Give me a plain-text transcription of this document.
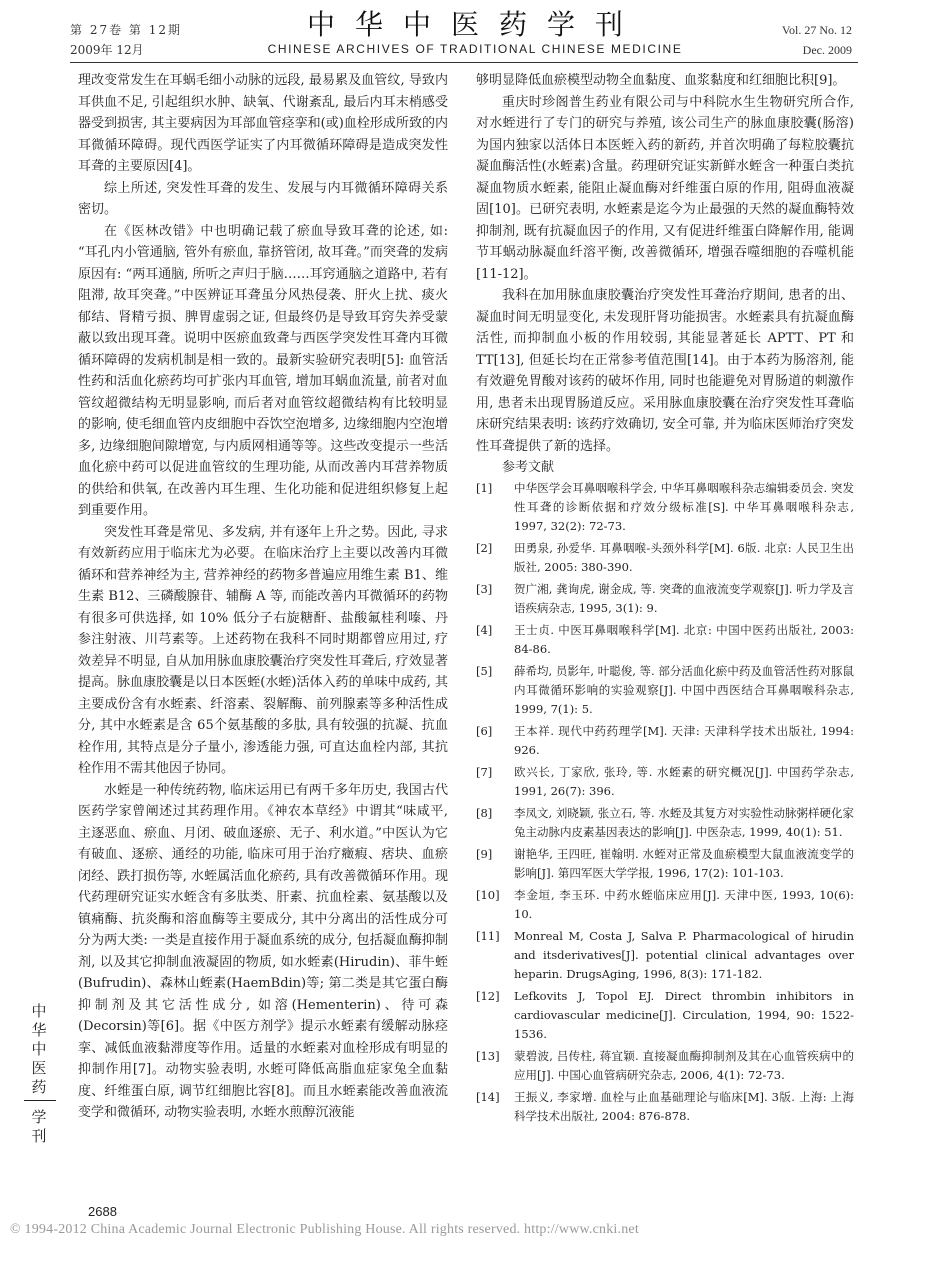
第 27卷 第 12期
2009年 12月
中华中医药学刊
CHINESE ARCHIVES OF TRADITIONAL CHINESE MEDICINE
Vol. 27 No. 12
Dec. 2009

理改变常发生在耳蜗毛细小动脉的远段, 最易累及血管纹, 导致内耳供血不足, 引起组织水肿、缺氧、代谢紊乱, 最后内耳末梢感受器受到损害, 其主要病因为耳部血管痉挛和(或)血栓形成所致的内耳微循环障碍。现代西医学证实了内耳微循环障碍是造成突发性耳聋的主要原因[4]。

综上所述, 突发性耳聋的发生、发展与内耳微循环障碍关系密切。

在《医林改错》中也明确记载了瘀血导致耳聋的论述, 如: “耳孔内小管通脑, 管外有瘀血, 靠挤管闭, 故耳聋。”而突聋的发病原因有: “两耳通脑, 所听之声归于脑……耳窍通脑之道路中, 若有阻滞, 故耳突聋。”中医辨证耳聋虽分风热侵袭、肝火上扰、痰火郁结、肾精亏损、脾胃虚弱之证, 但最终仍是导致耳窍失养受蒙蔽以致出现耳聋。说明中医瘀血致聋与西医学突发性耳聋内耳微循环障碍的发病机制是相一致的。最新实验研究表明[5]: 血管活性药和活血化瘀药均可扩张内耳血管, 增加耳蜗血流量, 前者对血管纹超微结构无明显影响, 而后者对血管纹超微结构有比较明显的影响, 使毛细血管内皮细胞中吞饮空泡增多, 边缘细胞内空泡增多, 边缘细胞间隙增宽, 与内质网相通等等。这些改变提示一些活血化瘀中药可以促进血管纹的生理功能, 从而改善内耳营养物质的供给和供氧, 在改善内耳生理、生化功能和促进组织修复上起到重要作用。

突发性耳聋是常见、多发病, 并有逐年上升之势。因此, 寻求有效新药应用于临床尤为必要。在临床治疗上主要以改善内耳微循环和营养神经为主, 营养神经的药物多普遍应用维生素 B1、维生素 B12、三磷酸腺苷、辅酶 A 等, 而能改善内耳微循环的药物有很多可供选择, 如 10% 低分子右旋糖酐、盐酸氟桂利嗪、丹参注射液、川芎素等。上述药物在我科不同时期都曾应用过, 疗效差异不明显, 自从加用脉血康胶囊治疗突发性耳聋后, 疗效显著提高。脉血康胶囊是以日本医蛭(水蛭)活体入药的单味中成药, 其主要成份含有水蛭素、纤溶素、裂解酶、前列腺素等多种活性成分, 其中水蛭素是含 65个氨基酸的多肽, 具有较强的抗凝、抗血栓作用, 其特点是分子量小, 渗透能力强, 可直达血栓内部, 其抗栓作用不需其他因子协同。

水蛭是一种传统药物, 临床运用已有两千多年历史, 我国古代医药学家曾阐述过其药理作用。《神农本草经》中谓其“味咸平, 主逐恶血、瘀血、月闭、破血逐瘀、无子、利水道。”中医认为它有破血、逐瘀、通经的功能, 临床可用于治疗癥瘕、痞块、血瘀闭经、跌打损伤等, 水蛭属活血化瘀药, 具有改善微循环作用。现代药理研究证实水蛭含有多肽类、肝素、抗血栓素、氨基酸以及镇痛酶、抗炎酶和溶血酶等主要成分, 其中分离出的活性成分可分为两大类: 一类是直接作用于凝血系统的成分, 包括凝血酶抑制剂, 以及其它抑制血液凝固的物质, 如水蛭素(Hirudin)、菲牛蛭(Bufrudin)、森林山蛭素(HaemBdin)等; 第二类是其它蛋白酶抑制剂及其它活性成分, 如溶(Hementerin)、待可森(Decorsin)等[6]。据《中医方剂学》提示水蛭素有缓解动脉痉挛、减低血液黏滞度等作用。适量的水蛭素对血栓形成有明显的抑制作用[7]。动物实验表明, 水蛭可降低高脂血症家兔全血黏度、纤维蛋白原, 调节红细胞比容[8]。而且水蛭素能改善血液流变学和微循环, 动物实验表明, 水蛭水煎醇沉液能

够明显降低血瘀模型动物全血黏度、血浆黏度和红细胞比积[9]。

重庆时珍阁普生药业有限公司与中科院水生生物研究所合作, 对水蛭进行了专门的研究与养殖, 该公司生产的脉血康胶囊(肠溶)为国内独家以活体日本医蛭入药的新药, 并首次明确了每粒胶囊抗凝血酶活性(水蛭素)含量。药理研究证实新鲜水蛭含一种蛋白类抗凝血物质水蛭素, 能阻止凝血酶对纤维蛋白原的作用, 阻碍血液凝固[10]。已研究表明, 水蛭素是迄今为止最强的天然的凝血酶特效抑制剂, 既有抗凝血因子的作用, 又有促进纤维蛋白降解作用, 能调节耳蜗动脉凝血纤溶平衡, 改善微循环, 增强吞噬细胞的吞噬机能[11-12]。

我科在加用脉血康胶囊治疗突发性耳聋治疗期间, 患者的出、凝血时间无明显变化, 未发现肝肾功能损害。水蛭素具有抗凝血酶活性, 而抑制血小板的作用较弱, 其能显著延长 APTT、PT 和 TT[13], 但延长均在正常参考值范围[14]。由于本药为肠溶剂, 能有效避免胃酸对该药的破坏作用, 同时也能避免对胃肠道的刺激作用, 患者未出现胃肠道反应。采用脉血康胶囊在治疗突发性耳聋临床研究结果表明: 该药疗效确切, 安全可靠, 并为临床医师治疗突发性耳聋提供了新的选择。

参考文献

[1]	中华医学会耳鼻咽喉科学会, 中华耳鼻咽喉科杂志编辑委员会. 突发性耳聋的诊断依据和疗效分级标准[S]. 中华耳鼻咽喉科杂志, 1997, 32(2): 72-73.
[2]	田勇泉, 孙爱华. 耳鼻咽喉-头颈外科学[M]. 6版. 北京: 人民卫生出版社, 2005: 380-390.
[3]	贺广湘, 龚询虎, 谢金成, 等. 突聋的血液流变学观察[J]. 听力学及言语疾病杂志, 1995, 3(1): 9.
[4]	王士贞. 中医耳鼻咽喉科学[M]. 北京: 中国中医药出版社, 2003: 84-86.
[5]	薛希均, 员影年, 叶聪俊, 等. 部分活血化瘀中药及血管活性药对豚鼠内耳微循环影响的实验观察[J]. 中国中西医结合耳鼻咽喉科杂志, 1999, 7(1): 5.
[6]	王本祥. 现代中药药理学[M]. 天津: 天津科学技术出版社, 1994: 926.
[7]	欧兴长, 丁家欣, 张玲, 等. 水蛭素的研究概况[J]. 中国药学杂志, 1991, 26(7): 396.
[8]	李凤文, 刘晓颖, 张立石, 等. 水蛭及其复方对实验性动脉粥样硬化家兔主动脉内皮素基因表达的影响[J]. 中医杂志, 1999, 40(1): 51.
[9]	谢艳华, 王四旺, 崔翰明. 水蛭对正常及血瘀模型大鼠血液流变学的影响[J]. 第四军医大学学报, 1996, 17(2): 101-103.
[10]	李金垣, 李玉环. 中药水蛭临床应用[J]. 天津中医, 1993, 10(6): 10.
[11]	Monreal M, Costa J, Salva P. Pharmacological of hirudin and itsderivatives[J]. potential clinical advantages over heparin. DrugsAging, 1996, 8(3): 171-182.
[12]	Lefkovits J, Topol EJ. Direct thrombin inhibitors in cardiovascular medicine[J]. Circulation, 1994, 90: 1522-1536.
[13]	蒙碧波, 吕传柱, 蒋宜颖. 直接凝血酶抑制剂及其在心血管疾病中的应用[J]. 中国心血管病研究杂志, 2006, 4(1): 72-73.
[14]	王振义, 李家增. 血栓与止血基础理论与临床[M]. 3版. 上海: 上海科学技术出版社, 2004: 876-878.
中华中医药
学刊
2688
© 1994-2012 China Academic Journal Electronic Publishing House. All rights reserved. http://www.cnki.net
